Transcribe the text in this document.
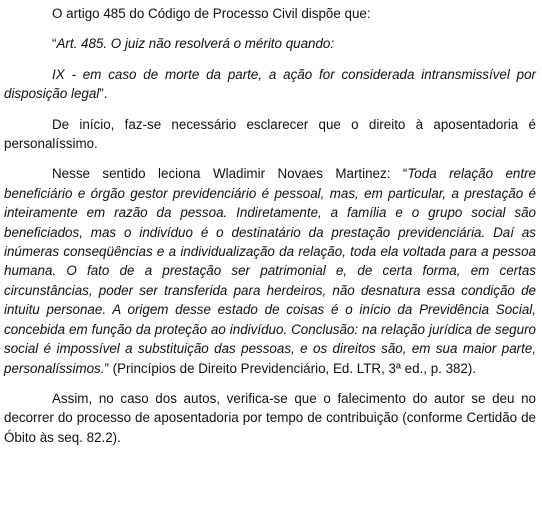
O artigo 485 do Código de Processo Civil dispõe que:

“Art. 485. O juiz não resolverá o mérito quando:

IX - em caso de morte da parte, a ação for considerada intransmissível por disposição legal”.

De início, faz-se necessário esclarecer que o direito à aposentadoria é personalíssimo.

Nesse sentido leciona Wladimir Novaes Martinez: “Toda relação entre beneficiário e órgão gestor previdenciário é pessoal, mas, em particular, a prestação é inteiramente em razão da pessoa. Indiretamente, a família e o grupo social são beneficiados, mas o indivíduo é o destinatário da prestação previdenciária. Daí as inúmeras conseqüências e a individualização da relação, toda ela voltada para a pessoa humana. O fato de a prestação ser patrimonial e, de certa forma, em certas circunstâncias, poder ser transferida para herdeiros, não desnatura essa condição de intuitu personae. A origem desse estado de coisas é o início da Previdência Social, concebida em função da proteção ao indivíduo. Conclusão: na relação jurídica de seguro social é impossível a substituição das pessoas, e os direitos são, em sua maior parte, personalíssimos.” (Princípios de Direito Previdenciário, Ed. LTR, 3ª ed., p. 382).

Assim, no caso dos autos, verifica-se que o falecimento do autor se deu no decorrer do processo de aposentadoria por tempo de contribuição (conforme Certidão de Óbito às seq. 82.2).
